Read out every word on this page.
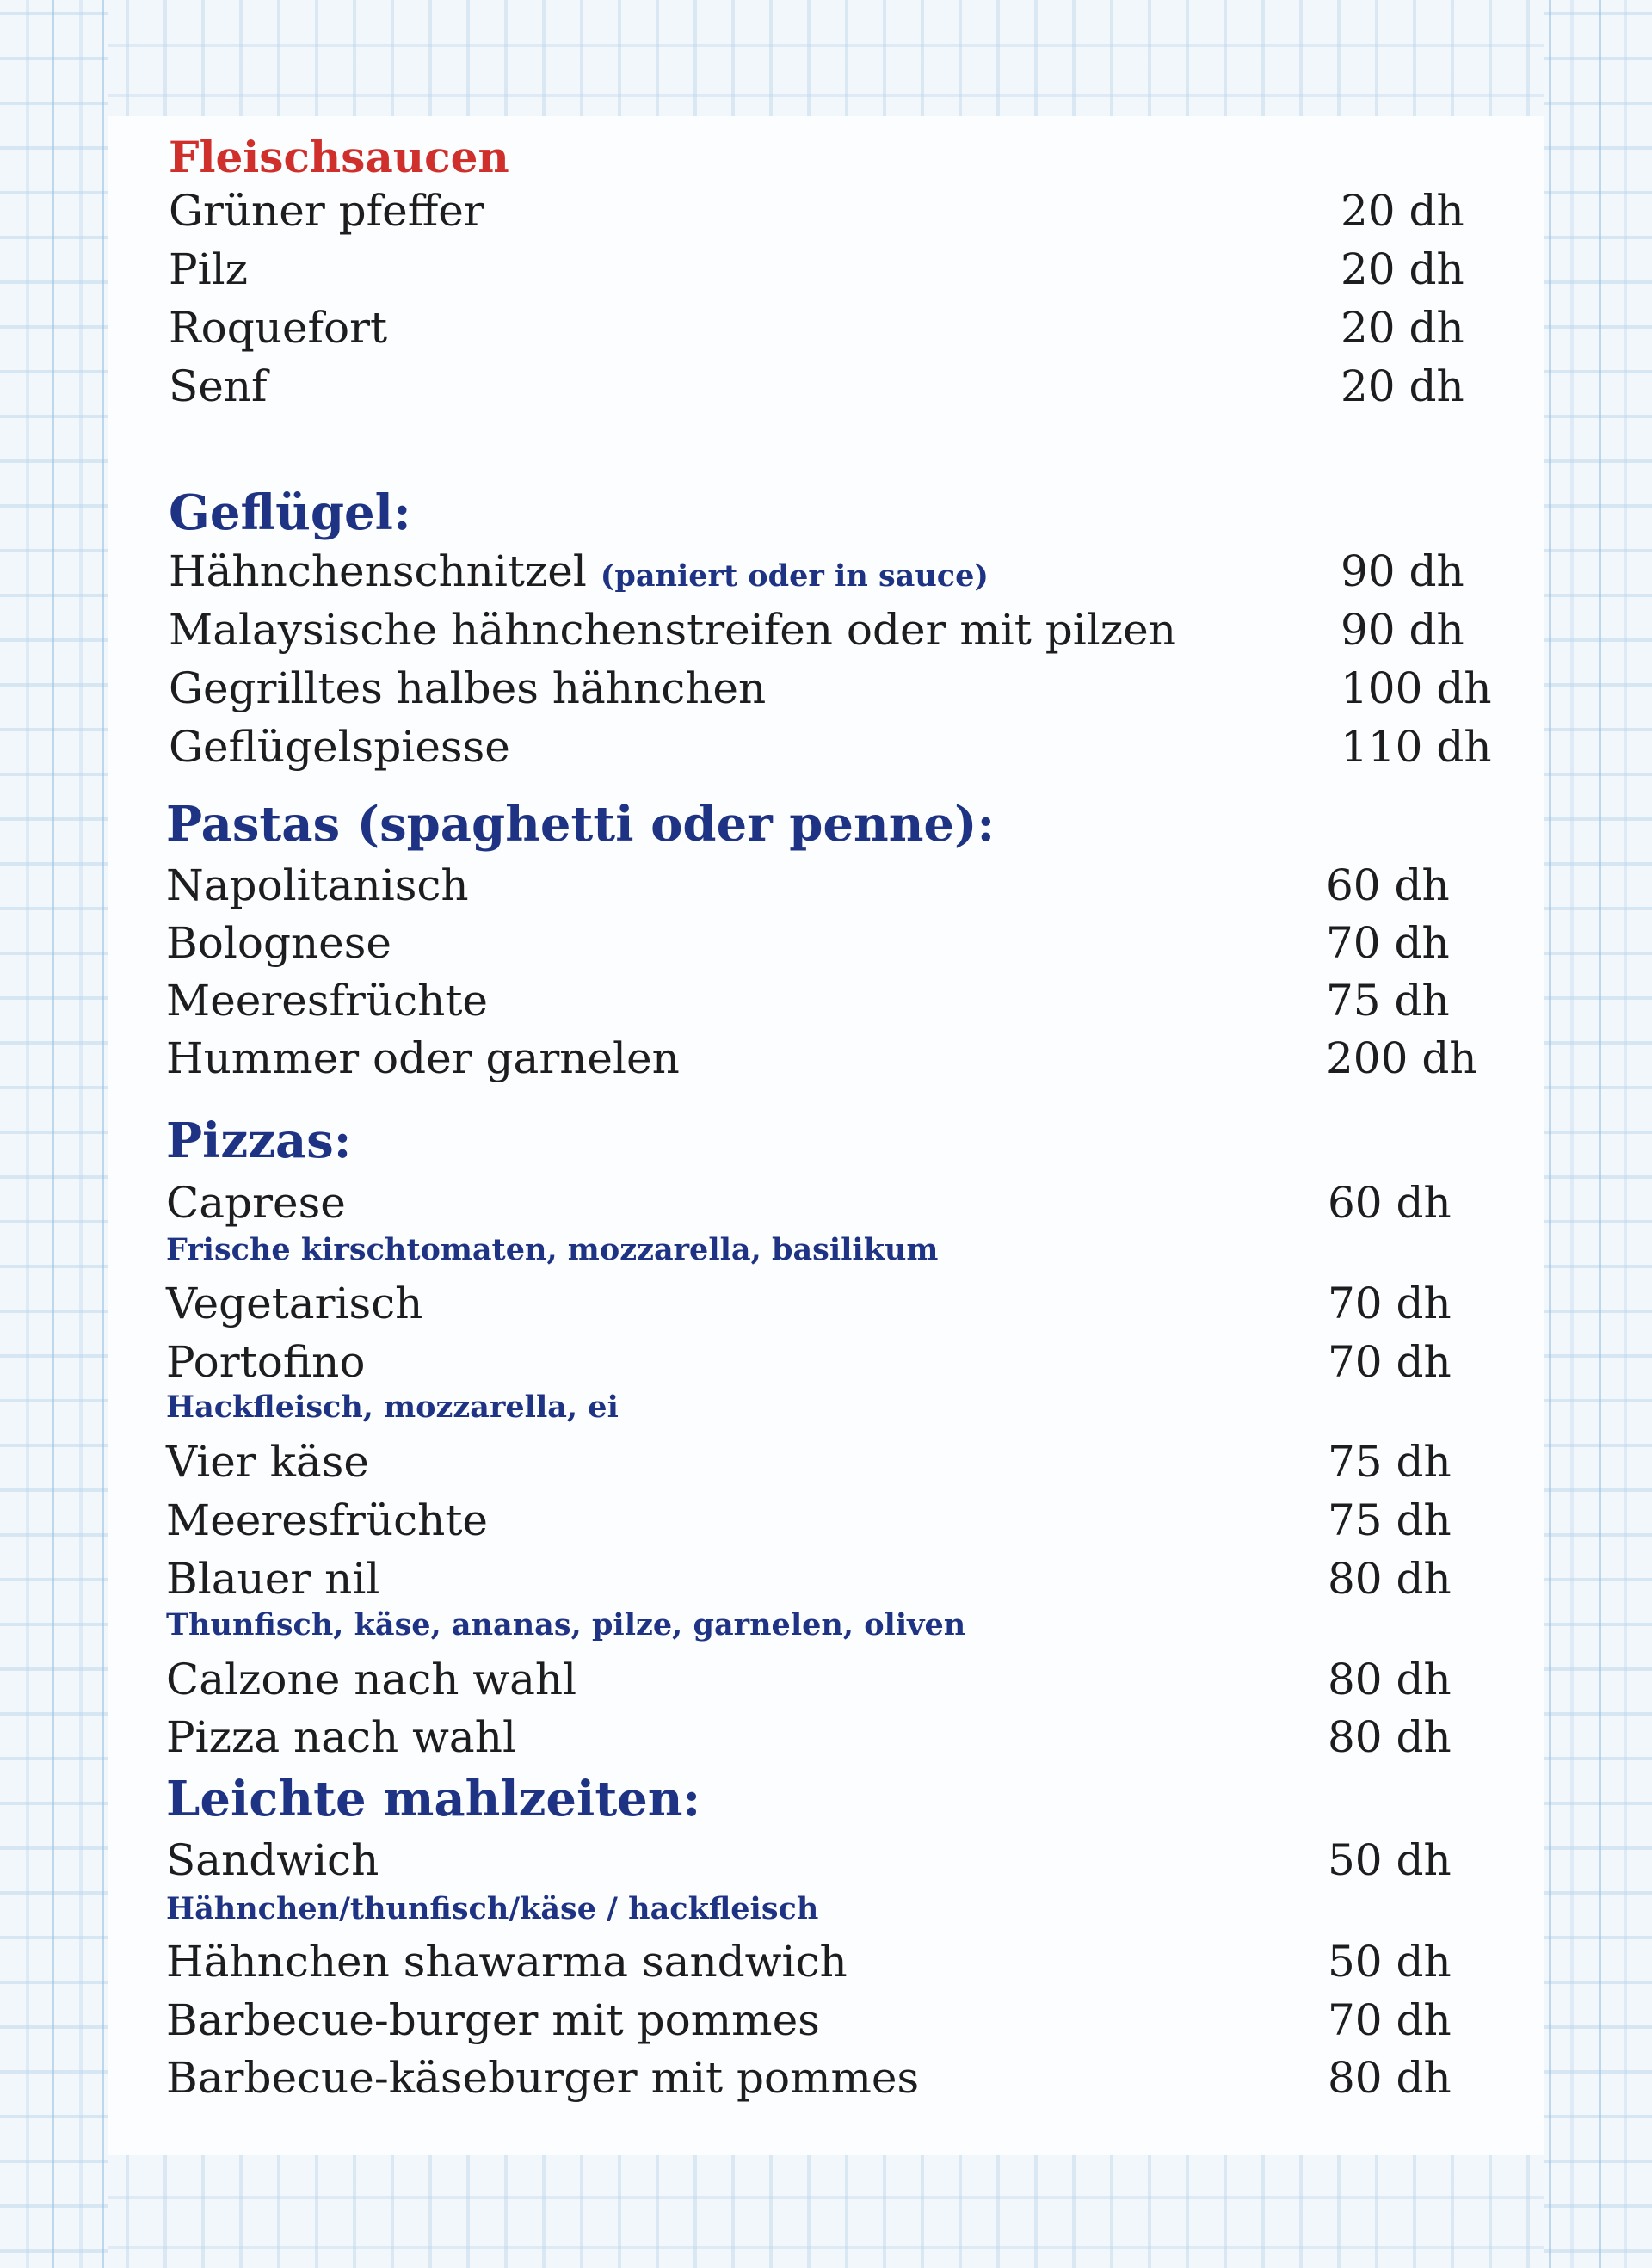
Fleischsaucen
Grüner pfeffer	20 dh
Pilz	20 dh
Roquefort	20 dh
Senf	20 dh
Geflügel:
Hähnchenschnitzel (paniert oder in sauce)	90 dh
Malaysische hähnchenstreifen oder mit pilzen	90 dh
Gegrilltes halbes hähnchen	100 dh
Geflügelspiesse	110 dh
Pastas (spaghetti oder penne):
Napolitanisch	60 dh
Bolognese	70 dh
Meeresfrüchte	75 dh
Hummer oder garnelen	200 dh
Pizzas:
Caprese	60 dh
Frische kirschtomaten, mozzarella, basilikum
Vegetarisch	70 dh
Portofino	70 dh
Hackfleisch, mozzarella, ei
Vier käse	75 dh
Meeresfrüchte	75 dh
Blauer nil	80 dh
Thunfisch, käse, ananas, pilze, garnelen, oliven
Calzone nach wahl	80 dh
Pizza nach wahl	80 dh
Leichte mahlzeiten:
Sandwich	50 dh
Hähnchen/thunfisch/käse / hackfleisch
Hähnchen shawarma sandwich	50 dh
Barbecue-burger mit pommes	70 dh
Barbecue-käseburger mit pommes	80 dh
